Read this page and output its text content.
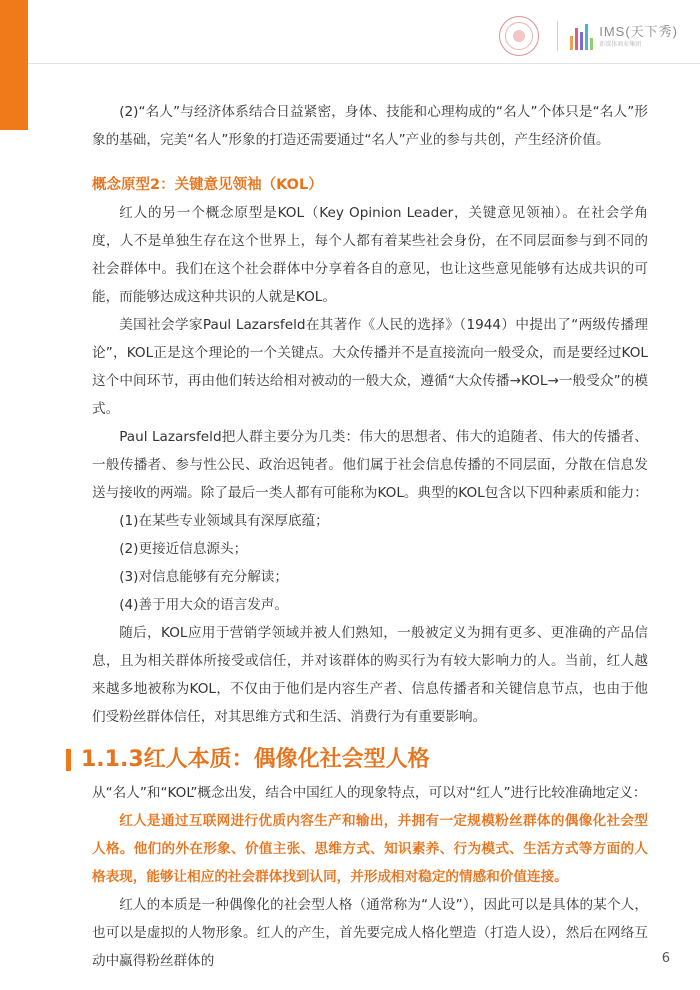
IMS(天下秀)
新媒体商业集团

(2)“名人”与经济体系结合日益紧密，身体、技能和心理构成的“名人”个体只是“名人”形象的基础，完美“名人”形象的打造还需要通过“名人”产业的参与共创，产生经济价值。

概念原型2：关键意见领袖（KOL）

红人的另一个概念原型是KOL（Key Opinion Leader，关键意见领袖）。在社会学角度，人不是单独生存在这个世界上，每个人都有着某些社会身份，在不同层面参与到不同的社会群体中。我们在这个社会群体中分享着各自的意见，也让这些意见能够有达成共识的可能，而能够达成这种共识的人就是KOL。

美国社会学家Paul Lazarsfeld在其著作《人民的选择》（1944）中提出了“两级传播理论”，KOL正是这个理论的一个关键点。大众传播并不是直接流向一般受众，而是要经过KOL这个中间环节，再由他们转达给相对被动的一般大众，遵循“大众传播→KOL→一般受众”的模式。

Paul Lazarsfeld把人群主要分为几类：伟大的思想者、伟大的追随者、伟大的传播者、一般传播者、参与性公民、政治迟钝者。他们属于社会信息传播的不同层面，分散在信息发送与接收的两端。除了最后一类人都有可能称为KOL。典型的KOL包含以下四种素质和能力：

(1)在某些专业领域具有深厚底蕴；

(2)更接近信息源头；

(3)对信息能够有充分解读；

(4)善于用大众的语言发声。

随后，KOL应用于营销学领域并被人们熟知，一般被定义为拥有更多、更准确的产品信息，且为相关群体所接受或信任，并对该群体的购买行为有较大影响力的人。当前，红人越来越多地被称为KOL，不仅由于他们是内容生产者、信息传播者和关键信息节点，也由于他们受粉丝群体信任，对其思维方式和生活、消费行为有重要影响。

1.1.3红人本质：偶像化社会型人格

从“名人”和“KOL”概念出发，结合中国红人的现象特点，可以对“红人”进行比较准确地定义：

红人是通过互联网进行优质内容生产和输出，并拥有一定规模粉丝群体的偶像化社会型人格。他们的外在形象、价值主张、思维方式、知识素养、行为模式、生活方式等方面的人格表现，能够让相应的社会群体找到认同，并形成相对稳定的情感和价值连接。

红人的本质是一种偶像化的社会型人格（通常称为“人设”），因此可以是具体的某个人，也可以是虚拟的人物形象。红人的产生，首先要完成人格化塑造（打造人设），然后在网络互动中赢得粉丝群体的	6
